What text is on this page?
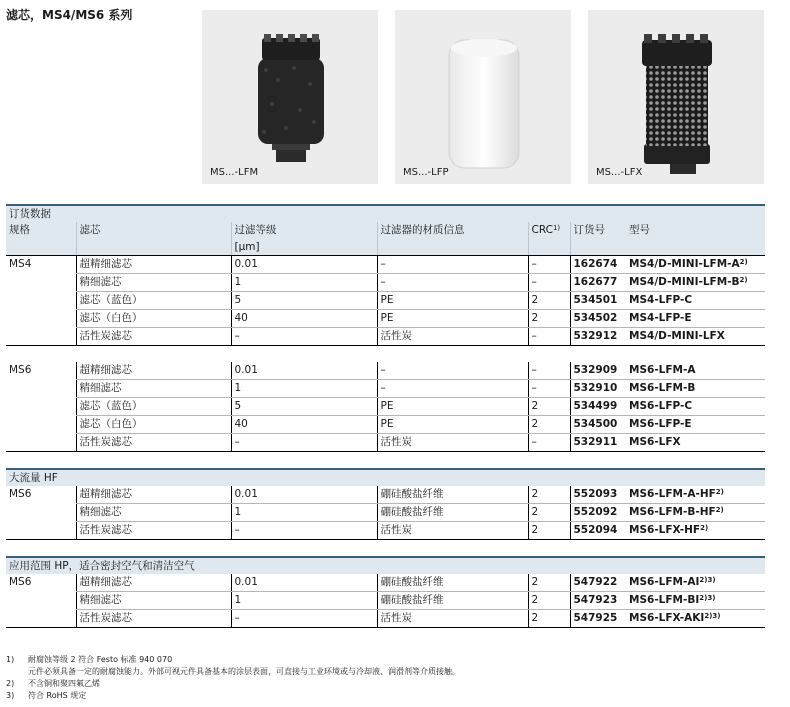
滤芯，MS4/MS6 系列
MS...-LFM	MS...-LFP	MS...-LFX
订货数据						
规格	滤芯	过滤等级	过滤器的材质信息	CRC$^{1)}$	订货号	型号
		[µm]				
MS4	超精细滤芯	0.01	–	–	162674	$MS4/D-MINI-LFM-A^{2)}$
	精细滤芯	1	–	–	162677	$MS4/D-MINI-LFM-B^{2)}$
	滤芯（蓝色）	5	PE	2	534501	MS4-LFP-C
	滤芯（白色）	40	PE	2	534502	MS4-LFP-E
	活性炭滤芯	–	活性炭	–	532912	MS4/D-MINI-LFX

MS6	超精细滤芯	0.01	–	–	532909	MS6-LFM-A
	精细滤芯	1	–	–	532910	MS6-LFM-B
	滤芯（蓝色）	5	PE	2	534499	MS6-LFP-C
	滤芯（白色）	40	PE	2	534500	MS6-LFP-E
	活性炭滤芯	–	活性炭	–	532911	MS6-LFX

大流量 HF						
MS6	超精细滤芯	0.01	硼硅酸盐纤维	2	552093	MS6-LFM-A-HF$^{2)}$
	精细滤芯	1	硼硅酸盐纤维	2	552092	MS6-LFM-B-HF$^{2)}$
	活性炭滤芯	–	活性炭	2	552094	MS6-LFX-HF$^{2)}$

应用范围 HP，适合密封空气和清洁空气						
MS6	超精细滤芯	0.01	硼硅酸盐纤维	2	547922	$MS6-LFM-AI^{2)3)}$
	精细滤芯	1	硼硅酸盐纤维	2	547923	$MS6-LFM-BI^{2)3)}$
	活性炭滤芯	–	活性炭	2	547925	$MS6-LFX-AKI^{2)3)}$
1)	耐腐蚀等级 2 符合 Festo 标准 940 070
元件必须具备一定的耐腐蚀能力。外部可视元件具备基本的涂层表面，可直接与工业环境或与冷却液、润滑剂等介质接触。
2)	不含铜和聚四氟乙烯
3)	符合 RoHS 规定
